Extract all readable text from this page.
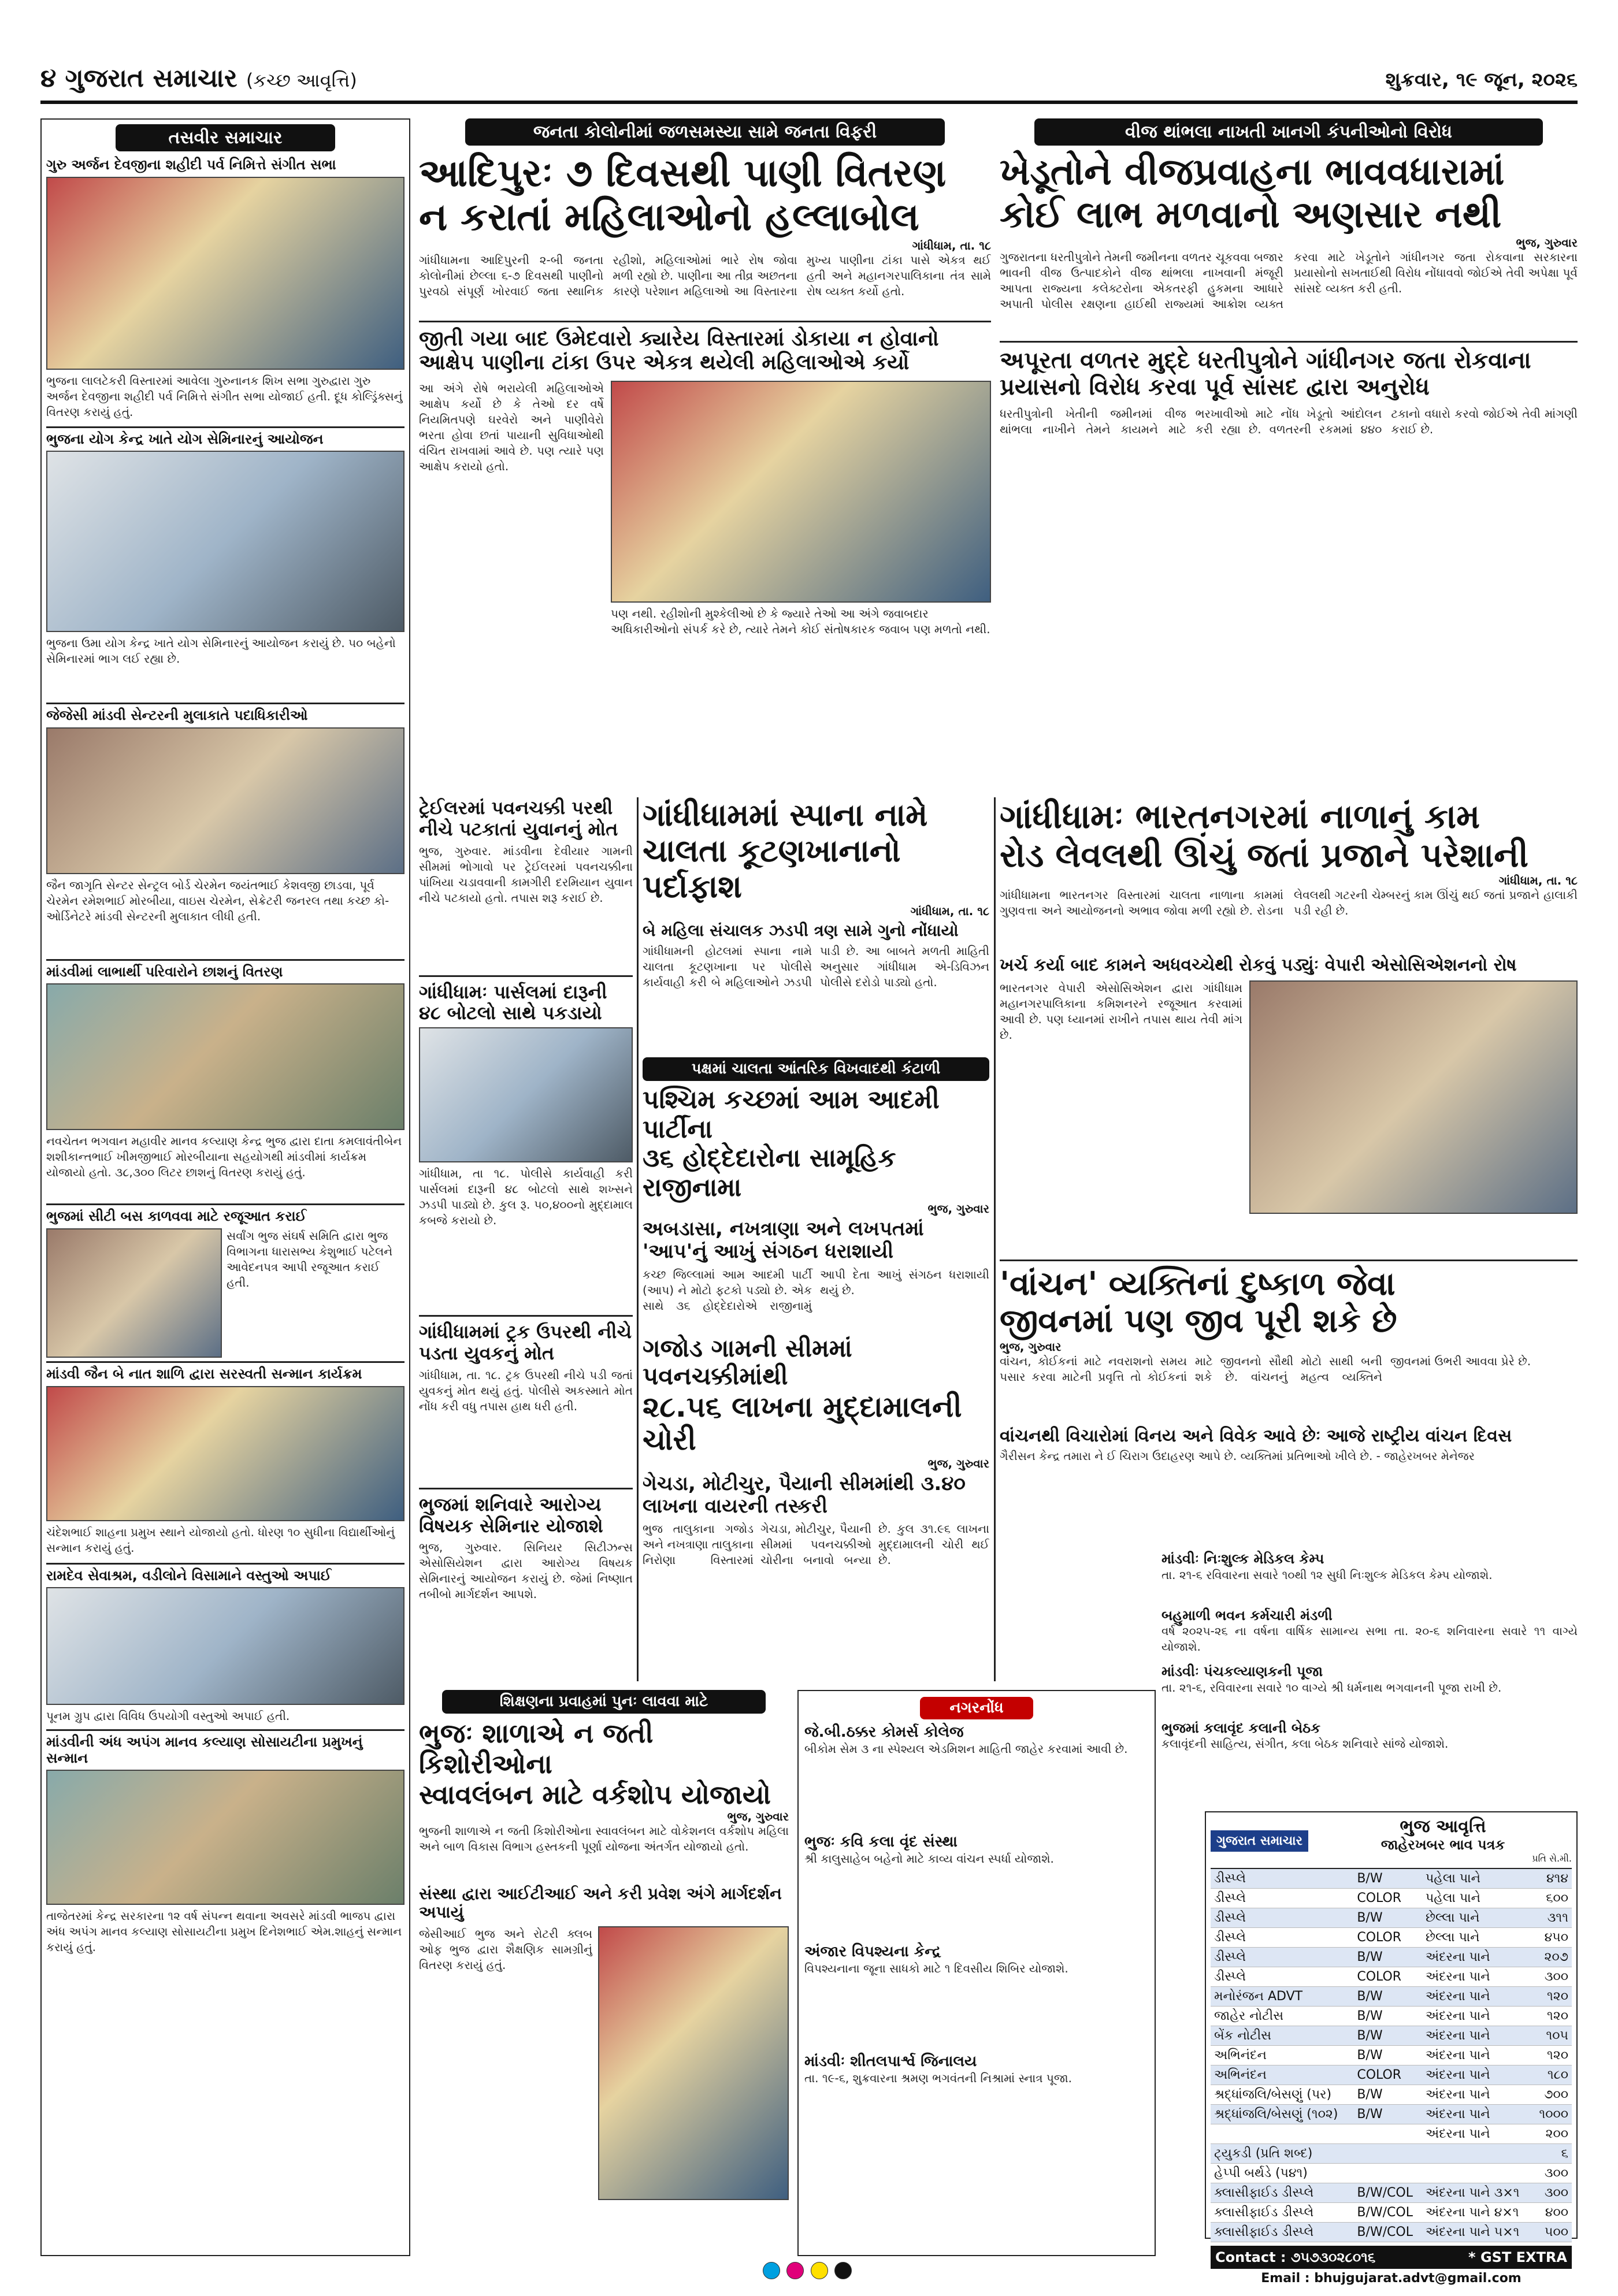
૪ ગુજરાત સમાચાર (કચ્છ આવૃત્તિ)	શુક્રવાર, ૧૯ જૂન, ૨૦૨૬
તસવીર સમાચાર
ગુરુ અર્જન દેવજીના શહીદી પર્વ નિમિત્તે સંગીત સભા
ભુજના લાલટેકરી વિસ્તારમાં આવેલા ગુરુનાનક શિખ સભા ગુરુદ્વારા ગુરુ અર્જન દેવજીના શહીદી પર્વ નિમિત્તે સંગીત સભા યોજાઈ હતી. દૂધ કોલ્ડ્રિંક્સનું વિતરણ કરાયું હતું.
ભુજના યોગ કેન્દ્ર ખાતે યોગ સેમિનારનું આયોજન
ભુજના ઉમા યોગ કેન્દ્ર ખાતે યોગ સેમિનારનું આયોજન કરાયું છે. ૫૦ બહેનો સેમિનારમાં ભાગ લઈ રહ્યા છે.
જેજેસી માંડવી સેન્ટરની મુલાકાતે પદાધિકારીઓ
જૈન જાગૃતિ સેન્ટર સેન્ટ્રલ બોર્ડ ચેરમેન જયંતભાઈ કેશવજી છાડવા, પૂર્વ ચેરમેન રમેશભાઈ મોરબીયા, વાઇસ ચેરમેન, સેક્રેટરી જનરલ તથા કચ્છ કો-ઓર્ડિનેટરે માંડવી સેન્ટરની મુલાકાત લીધી હતી.
માંડવીમાં લાભાર્થી પરિવારોને છાશનું વિતરણ
નવચેતન ભગવાન મહાવીર માનવ કલ્યાણ કેન્દ્ર ભુજ દ્વારા દાતા કમલાવંતીબેન શશીકાન્તભાઈ ખીમજીભાઈ મોરબીયાના સહયોગથી માંડવીમાં કાર્યક્રમ યોજાયો હતો. ૩૮,૩૦૦ લિટર છાશનું વિતરણ કરાયું હતું.
ભુજમાં સીટી બસ કાળવવા માટે રજૂઆત કરાઈ
સર્વાંગ ભુજ સંઘર્ષ સમિતિ દ્વારા ભુજ વિભાગના ધારાસભ્ય કેશુભાઈ પટેલને આવેદનપત્ર આપી રજૂઆત કરાઈ હતી.
માંડવી જૈન બે નાત શાળિ દ્વારા સરસ્વતી સન્માન કાર્યક્રમ
ચંદેશભાઈ શાહના પ્રમુખ સ્થાને યોજાયો હતો. ધોરણ ૧૦ સુધીના વિદ્યાર્થીઓનું સન્માન કરાયું હતું.
રામદેવ સેવાશ્રમ, વડીલોને વિસામાને વસ્તુઓ અપાઈ
પૂનમ ગ્રુપ દ્વારા વિવિધ ઉપયોગી વસ્તુઓ અપાઈ હતી.
માંડવીની અંધ અપંગ માનવ કલ્યાણ સોસાયટીના પ્રમુખનું સન્માન
તાજેતરમાં કેન્દ્ર સરકારના ૧૨ વર્ષ સંપન્ન થવાના અવસરે માંડવી ભાજપ દ્વારા અંધ અપંગ માનવ કલ્યાણ સોસાયટીના પ્રમુખ દિનેશભાઈ એમ.શાહનું સન્માન કરાયું હતું.
જનતા કોલોનીમાં જળસમસ્યા સામે જનતા વિફરી
આદિપુરઃ ૭ દિવસથી પાણી વિતરણ
ન કરાતાં મહિલાઓનો હલ્લાબોલ
ગાંધીધામ, તા. ૧૮
ગાંધીધામના આદિપુરની ૨-બી જનતા કોલોનીમાં છેલ્લા ૬-૭ દિવસથી પાણીનો પુરવઠો સંપૂર્ણ ખોરવાઈ જતા સ્થાનિક રહીશો, મહિલાઓમાં ભારે રોષ જોવા મળી રહ્યો છે. પાણીના આ તીવ્ર અછતના કારણે પરેશાન મહિલાઓ આ વિસ્તારના મુખ્ય પાણીના ટાંકા પાસે એકત્ર થઈ હતી અને મહાનગરપાલિકાના તંત્ર સામે રોષ વ્યક્ત કર્યો હતો.
જીતી ગયા બાદ ઉમેદવારો ક્યારેય વિસ્તારમાં ડોકાયા ન હોવાનો આક્ષેપ પાણીના ટાંકા ઉપર એકત્ર થયેલી મહિલાઓએ કર્યો
આ અંગે રોષે ભરાયેલી મહિલાઓએ આક્ષેપ કર્યો છે કે તેઓ દર વર્ષે નિયમિતપણે ઘરવેરો અને પાણીવેરો ભરતા હોવા છતાં પાયાની સુવિધાઓથી વંચિત રાખવામાં આવે છે. પણ ત્યારે પણ આક્ષેપ કરાયો હતો.
પણ નથી. રહીશોની મુશ્કેલીઓ છે કે જ્યારે તેઓ આ અંગે જવાબદાર અધિકારીઓનો સંપર્ક કરે છે, ત્યારે તેમને કોઈ સંતોષકારક જવાબ પણ મળતો નથી.
વીજ થાંભલા નાખતી ખાનગી કંપનીઓનો વિરોધ
ખેડૂતોને વીજપ્રવાહના ભાવવધારામાં
કોઈ લાભ મળવાનો અણસાર નથી
ભુજ, ગુરુવાર
ગુજરાતના ધરતીપુત્રોને તેમની જમીનના વળતર ચૂકવવા બજાર ભાવની વીજ ઉત્પાદકોને વીજ થાંભલા નાખવાની મંજૂરી આપતા રાજ્યના કલેક્ટરોના એકતરફી હુકમના આધારે અપાતી પોલીસ રક્ષણના હાઈથી રાજ્યમાં આક્રોશ વ્યક્ત કરવા માટે ખેડૂતોને ગાંધીનગર જતા રોકવાના સરકારના પ્રયાસોનો સખતાઈથી વિરોધ નોંધાવવો જોઈએ તેવી અપેક્ષા પૂર્વ સાંસદે વ્યક્ત કરી હતી.
અપૂરતા વળતર મુદ્દે ધરતીપુત્રોને ગાંધીનગર જતા રોકવાના પ્રયાસનો વિરોધ કરવા પૂર્વ સાંસદ દ્વારા અનુરોધ
ધરતીપુત્રોની ખેતીની જમીનમાં વીજ થાંભલા નાખીને તેમને કાયમને માટે ભરખાવીઓ માટે નોંધ ખેડૂતો આંદોલન કરી રહ્યા છે. વળતરની રકમમાં ૪૪૦ ટકાનો વધારો કરવો જોઈએ તેવી માંગણી કરાઈ છે.
ટ્રેઈલરમાં પવનચક્કી પરથી નીચે પટકાતાં યુવાનનું મોત
ભુજ, ગુરુવાર. માંડવીના દેવીયાર ગામની સીમમાં ભોગાવો પર ટ્રેઈલરમાં પવનચક્કીના પાંખિયા ચડાવવાની કામગીરી દરમિયાન યુવાન નીચે પટકાયો હતો. તપાસ શરૂ કરાઈ છે.
ગાંધીધામઃ પાર્સલમાં દારૂની ૪૮ બોટલો સાથે પકડાયો
ગાંધીધામ, તા ૧૮. પોલીસે કાર્યવાહી કરી પાર્સલમાં દારૂની ૪૮ બોટલો સાથે શખ્સને ઝડપી પાડ્યો છે. કુલ રૂ. ૫૦,૪૦૦નો મુદ્દામાલ કબજે કરાયો છે.
ગાંધીધામમાં ટ્રક ઉપરથી નીચે પડતા યુવકનું મોત
ગાંધીધામ, તા. ૧૮. ટ્રક ઉપરથી નીચે પડી જતાં યુવકનું મોત થયું હતું. પોલીસે અકસ્માતે મોત નોંધ કરી વધુ તપાસ હાથ ધરી હતી.
ભુજમાં શનિવારે આરોગ્ય વિષયક સેમિનાર યોજાશે
ભુજ, ગુરુવાર. સિનિયર સિટીઝન્સ એસોસિયેશન દ્વારા આરોગ્ય વિષયક સેમિનારનું આયોજન કરાયું છે. જેમાં નિષ્ણાત તબીબો માર્ગદર્શન આપશે.
ગાંધીધામમાં સ્પાના નામે
ચાલતા કૂટણખાનાનો પર્દાફાશ
ગાંધીધામ, તા. ૧૮
બે મહિલા સંચાલક ઝડપી ત્રણ સામે ગુનો નોંધાયો
ગાંધીધામની હોટલમાં સ્પાના નામે ચાલતા કૂટણખાના પર પોલીસે કાર્યવાહી કરી બે મહિલાઓને ઝડપી પાડી છે. આ બાબતે મળતી માહિતી અનુસાર ગાંધીધામ એ-ડિવિઝન પોલીસે દરોડો પાડ્યો હતો.
પક્ષમાં ચાલતા આંતરિક વિખવાદથી કંટાળી
પશ્ચિમ કચ્છમાં આમ આદમી પાર્ટીના
૩૬ હોદ્દેદારોના સામૂહિક રાજીનામા
ભુજ, ગુરુવાર
અબડાસા, નખત્રાણા અને લખપતમાં 'આપ'નું આખું સંગઠન ધરાશાયી
કચ્છ જિલ્લામાં આમ આદમી પાર્ટી (આપ) ને મોટો ફટકો પડ્યો છે. એક સાથે ૩૬ હોદ્દેદારોએ રાજીનામું આપી દેતા આખું સંગઠન ધરાશાયી થયું છે.
ગજોડ ગામની સીમમાં પવનચક્કીમાંથી
૨૮.૫૬ લાખના મુદ્દામાલની ચોરી
ભુજ, ગુરુવાર
ગેચડા, મોટીચુર, પૈયાની સીમમાંથી ૩.૪૦ લાખના વાયરની તસ્કરી
ભુજ તાલુકાના ગજોડ અને નખત્રાણા તાલુકાના નિરોણા વિસ્તારમાં ગેચડા, મોટીચુર, પૈયાની સીમમાં પવનચક્કીઓ ચોરીના બનાવો બન્યા છે. કુલ ૩૧.૯૬ લાખના મુદ્દામાલની ચોરી થઈ છે.
ગાંધીધામઃ ભારતનગરમાં નાળાનું કામ
રોડ લેવલથી ઊંચું જતાં પ્રજાને પરેશાની
ગાંધીધામ, તા. ૧૮
ગાંધીધામના ભારતનગર વિસ્તારમાં ચાલતા નાળાના કામમાં ગુણવત્તા અને આયોજનનો અભાવ જોવા મળી રહ્યો છે. રોડના લેવલથી ગટરની ચેમ્બરનું કામ ઊંચું થઈ જતાં પ્રજાને હાલાકી પડી રહી છે.
ખર્ચ કર્યા બાદ કામને અધવચ્ચેથી રોકવું પડ્યુંઃ વેપારી એસોસિએશનનો રોષ
ભારતનગર વેપારી એસોસિએશન દ્વારા ગાંધીધામ મહાનગરપાલિકાના કમિશનરને રજૂઆત કરવામાં આવી છે. પણ ધ્યાનમાં રાખીને તપાસ થાય તેવી માંગ છે.
'વાંચન' વ્યક્તિનાં દુષ્કાળ જેવા
જીવનમાં પણ જીવ પૂરી શકે છે
ભુજ, ગુરુવાર
વાંચન, કોઈકનાં માટે નવરાશનો સમય પસાર કરવા માટેની પ્રવૃત્તિ તો કોઈકનાં માટે જીવનનો સૌથી મોટો સાથી બની શકે છે. વાંચનનું મહત્વ વ્યક્તિને જીવનમાં ઉભરી આવવા પ્રેરે છે.
વાંચનથી વિચારોમાં વિનય અને વિવેક આવે છેઃ આજે રાષ્ટ્રીય વાંચન દિવસ
ગૈરીસન કેન્દ્ર તમારા ને ઈ ચિરાગ ઉદાહરણ આપે છે. વ્યક્તિમાં પ્રતિભાઓ ખીલે છે. - જાહેરખબર મેનેજર
શિક્ષણના પ્રવાહમાં પુનઃ લાવવા માટે
ભુજઃ શાળાએ ન જતી કિશોરીઓના
સ્વાવલંબન માટે વર્કશોપ યોજાયો
ભુજ, ગુરુવાર
ભુજની શાળાએ ન જતી કિશોરીઓના સ્વાવલંબન માટે વોકેશનલ વર્કશોપ મહિલા અને બાળ વિકાસ વિભાગ હસ્તકની પૂર્ણા યોજના અંતર્ગત યોજાયો હતો.
સંસ્થા દ્વારા આઈટીઆઈ અને કરી પ્રવેશ અંગે માર્ગદર્શન અપાયું
જેસીઆઈ ભુજ અને રોટરી ક્લબ ઓફ ભુજ દ્વારા શૈક્ષણિક સામગ્રીનું વિતરણ કરાયું હતું.
નગરનોંધ
જે.બી.ઠક્કર કોમર્સ કોલેજ
બીકોમ સેમ ૩ ના સ્પેશ્યલ એડમિશન માહિતી જાહેર કરવામાં આવી છે.
ભુજઃ કવિ કલા વૃંદ સંસ્થા
શ્રી કાલુસાહેબ બહેનો માટે કાવ્ય વાંચન સ્પર્ધા યોજાશે.
અંજાર વિપશ્યના કેન્દ્ર
વિપશ્યનાના જૂના સાધકો માટે ૧ દિવસીય શિબિર યોજાશે.
માંડવીઃ શીતલપાર્શ્વ જિનાલય
તા. ૧૯-૬, શુક્રવારના શ્રમણ ભગવંતની નિશ્રામાં સ્નાત્ર પૂજા.
માંડવીઃ નિઃશુલ્ક મેડિકલ કેમ્પ
તા. ૨૧-૬ રવિવારના સવારે ૧૦થી ૧૨ સુધી નિઃશુલ્ક મેડિકલ કેમ્પ યોજાશે.
બહુમાળી ભવન કર્મચારી મંડળી
વર્ષ ૨૦૨૫-૨૬ ના વર્ષના વાર્ષિક સામાન્ય સભા તા. ૨૦-૬ શનિવારના સવારે ૧૧ વાગ્યે યોજાશે.
માંડવીઃ પંચકલ્યાણકની પૂજા
તા. ૨૧-૬, રવિવારના સવારે ૧૦ વાગ્યે શ્રી ધર્મનાથ ભગવાનની પૂજા રાખી છે.
ભુજમાં કલાવૃંદ કલાની બેઠક
કલાવૃંદની સાહિત્ય, સંગીત, કલા બેઠક શનિવારે સાંજે યોજાશે.
ગુજરાત સમાચાર
ભુજ આવૃત્તિ
જાહેરખબર ભાવ પત્રક
પ્રતિ સે.મી.
ડીસ્પ્લે	B/W	પહેલા પાને	૪૧૪
ડીસ્પ્લે	COLOR	પહેલા પાને	૬૦૦
ડીસ્પ્લે	B/W	છેલ્લા પાને	૩૧૧
ડીસ્પ્લે	COLOR	છેલ્લા પાને	૪૫૦
ડીસ્પ્લે	B/W	અંદરના પાને	૨૦૭
ડીસ્પ્લે	COLOR	અંદરના પાને	૩૦૦
મનોરંજન ADVT	B/W	અંદરના પાને	૧૨૦
જાહેર નોટીસ	B/W	અંદરના પાને	૧૨૦
બેંક નોટીસ	B/W	અંદરના પાને	૧૦૫
અભિનંદન	B/W	અંદરના પાને	૧૨૦
અભિનંદન	COLOR	અંદરના પાને	૧૮૦
શ્રદ્ધાંજલિ/બેસણું (પર)	B/W	અંદરના પાને	૭૦૦
શ્રદ્ધાંજલિ/બેસણું (૧૦૨)	B/W	અંદરના પાને	૧૦૦૦
		અંદરના પાને	૨૦૦
ટ્યુકડી (પ્રતિ શબ્દ)			૬
હેપ્પી બર્થડે (પ૪૧)			૩૦૦
ક્લાસીફાઈડ ડીસ્પ્લે	B/W/COL	અંદરના પાને ૩×૧	૩૦૦
ક્લાસીફાઈડ ડીસ્પ્લે	B/W/COL	અંદરના પાને ૪×૧	૪૦૦
ક્લાસીફાઈડ ડીસ્પ્લે	B/W/COL	અંદરના પાને ૫×૧	૫૦૦
Contact : ૭૫૭૩૦૨૮૦૧૬	* GST EXTRA
Email : bhujgujarat.advt@gmail.com
